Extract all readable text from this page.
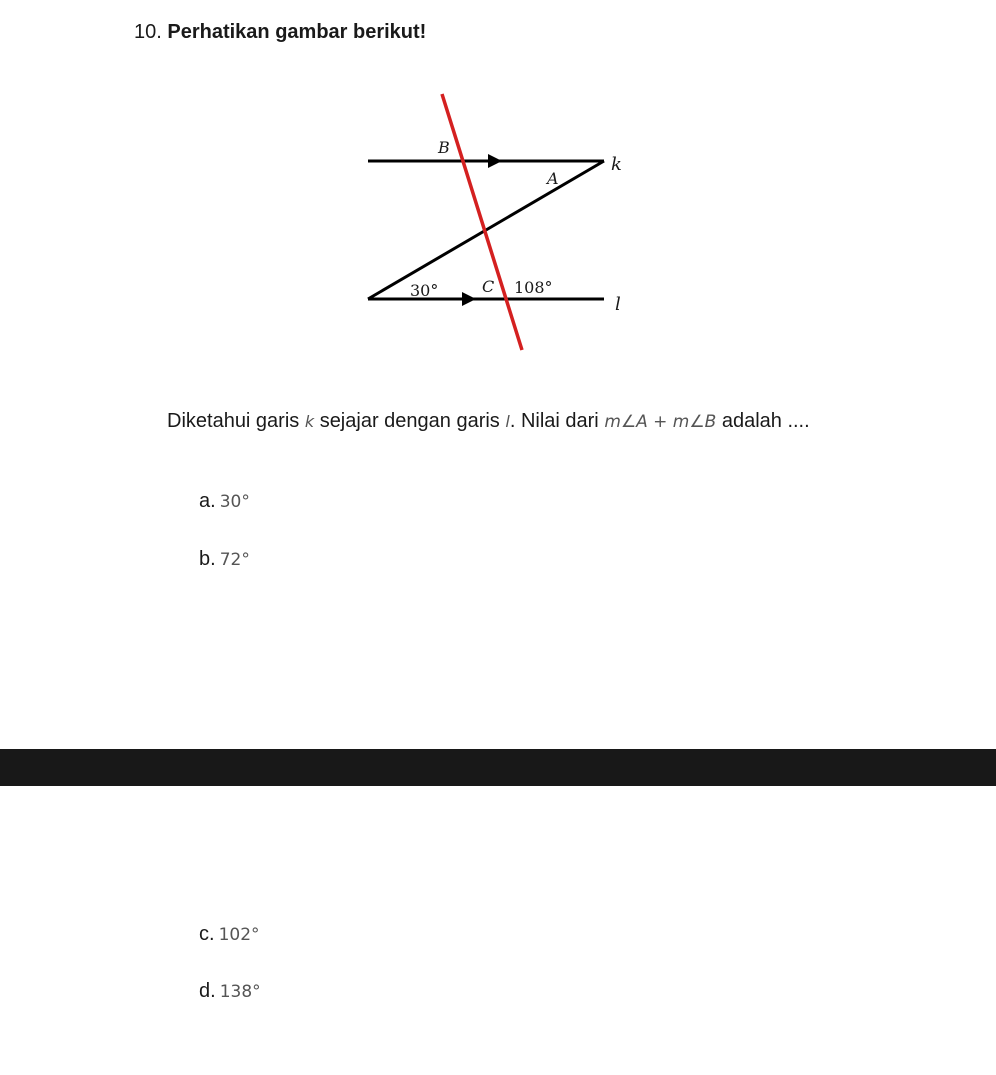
10. Perhatikan gambar berikut!
B
A
k
30°	C 108°
l
Diketahui garis k sejajar dengan garis l. Nilai dari m∠A + m∠B adalah ....
a. 30°
b. 72°
c. 102°
d. 138°
